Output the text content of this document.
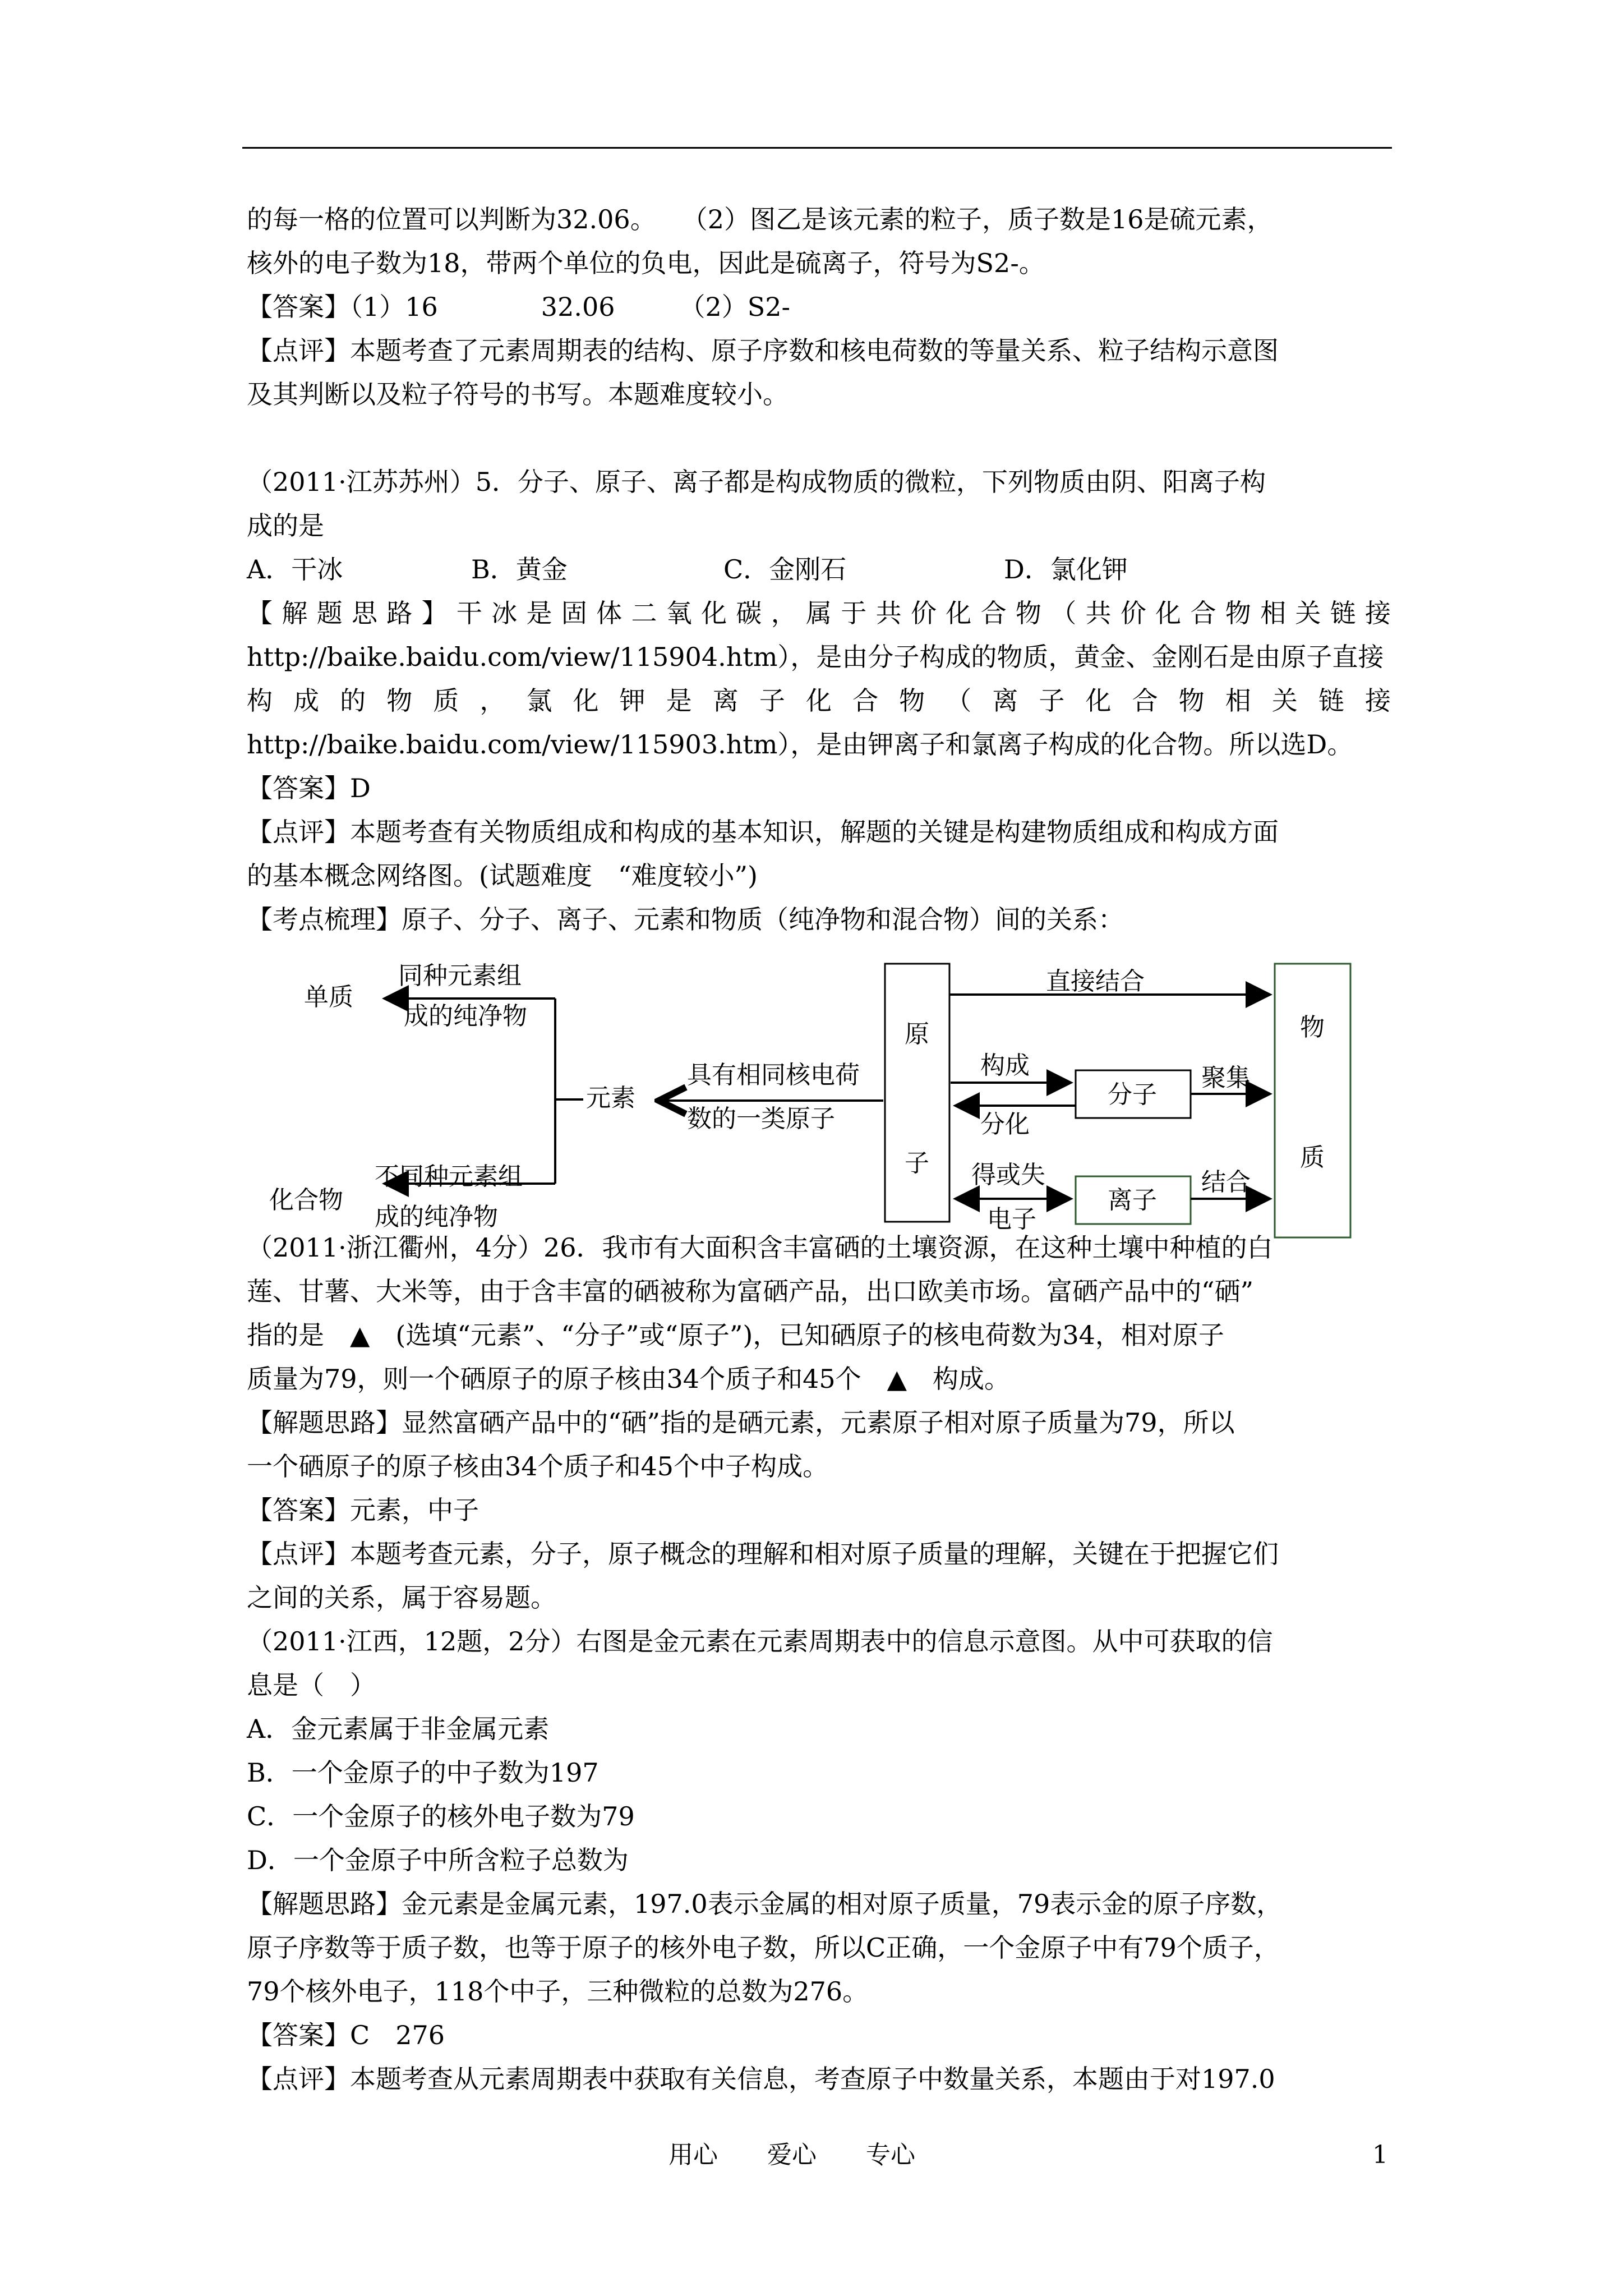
的每一格的位置可以判断为32.06。　　（2）图乙是该元素的粒子，质子数是16是硫元素，
核外的电子数为18，带两个单位的负电，因此是硫离子，符号为S2-。
【答案】（1）16　　　　32.06　　　（2）S2-
【点评】本题考查了元素周期表的结构、原子序数和核电荷数的等量关系、粒子结构示意图
及其判断以及粒子符号的书写。本题难度较小。
（2011·江苏苏州）5．分子、原子、离子都是构成物质的微粒，下列物质由阴、阳离子构
成的是
A．干冰	B．黄金	C．金刚石	D．氯化钾
【解题思路】干冰是固体二氧化碳，属于共价化合物（共价化合物相关链接
http://baike.baidu.com/view/115904.htm），是由分子构成的物质，黄金、金刚石是由原子直接
构成的物质，氯化钾是离子化合物（离子化合物相关链接
http://baike.baidu.com/view/115903.htm），是由钾离子和氯离子构成的化合物。所以选D。
【答案】D
【点评】本题考查有关物质组成和构成的基本知识，解题的关键是构建物质组成和构成方面
的基本概念网络图。(试题难度　“难度较小”)
【考点梳理】原子、分子、离子、元素和物质（纯净物和混合物）间的关系：
单质
同种元素组
成的纯净物
元素
具有相同核电荷
数的一类原子
化合物
不同种元素组
成的纯净物
原
子
直接结合
构成
分化
分子
聚集
得或失
电子
离子
结合
物
质
（2011·浙江衢州，4分）26．我市有大面积含丰富硒的土壤资源，在这种土壤中种植的白
莲、甘薯、大米等，由于含丰富的硒被称为富硒产品，出口欧美市场。富硒产品中的“硒”
指的是　▲　(选填“元素”、“分子”或“原子”)，已知硒原子的核电荷数为34，相对原子
质量为79，则一个硒原子的原子核由34个质子和45个　▲　构成。
【解题思路】显然富硒产品中的“硒”指的是硒元素，元素原子相对原子质量为79，所以
一个硒原子的原子核由34个质子和45个中子构成。
【答案】元素，中子
【点评】本题考查元素，分子，原子概念的理解和相对原子质量的理解，关键在于把握它们
之间的关系，属于容易题。
（2011·江西，12题，2分）右图是金元素在元素周期表中的信息示意图。从中可获取的信
息是（　）
A．金元素属于非金属元素
B．一个金原子的中子数为197
C．一个金原子的核外电子数为79
D．一个金原子中所含粒子总数为
【解题思路】金元素是金属元素，197.0表示金属的相对原子质量，79表示金的原子序数，
原子序数等于质子数，也等于原子的核外电子数，所以C正确，一个金原子中有79个质子，
79个核外电子，118个中子，三种微粒的总数为276。
【答案】C　276
【点评】本题考查从元素周期表中获取有关信息，考查原子中数量关系，本题由于对197.0
用心　　爱心　　专心	1
